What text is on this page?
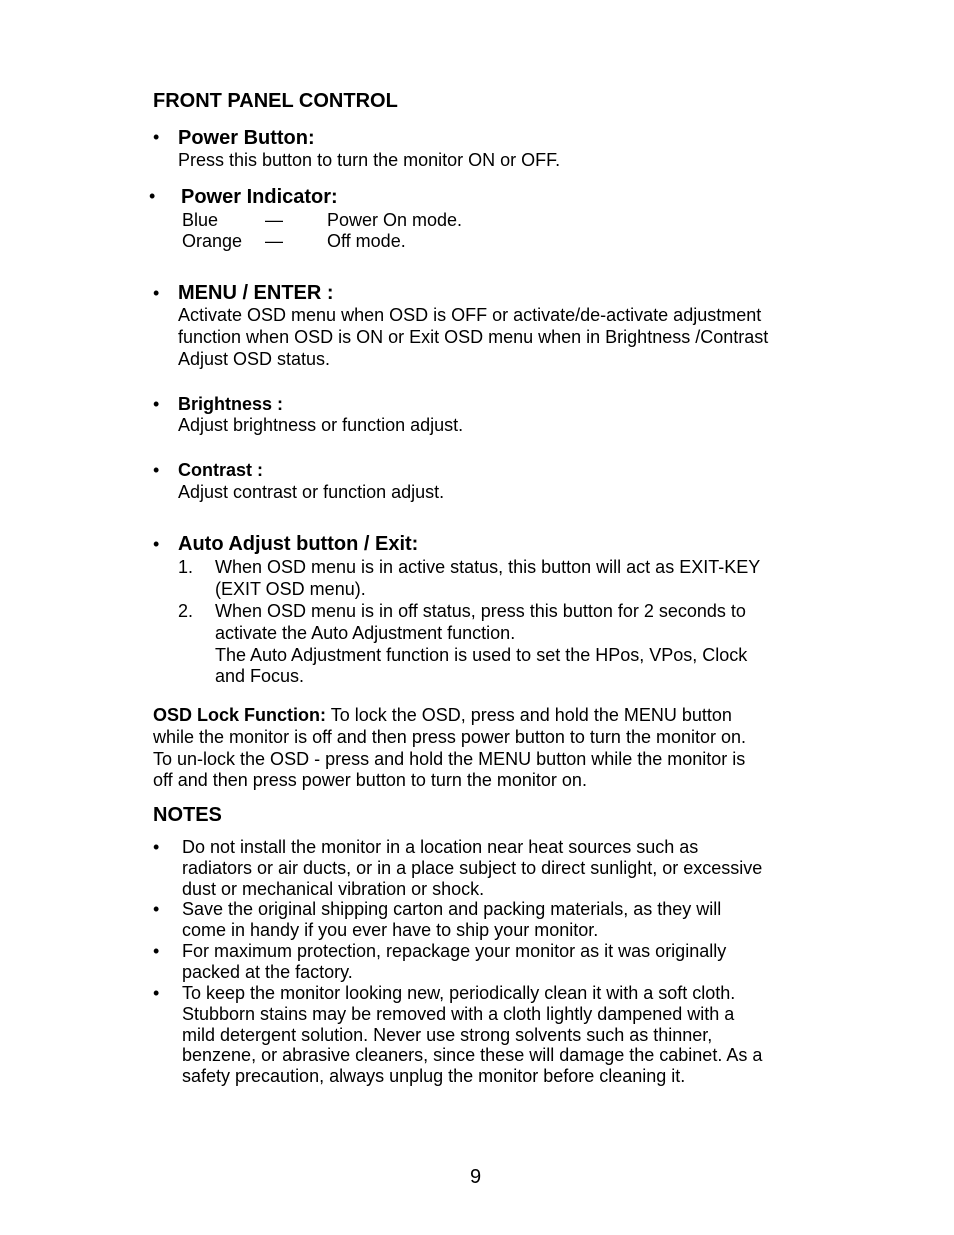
FRONT PANEL CONTROL
• Power Button:
Press this button to turn the monitor ON or OFF.
• Power Indicator:
Blue	— Power On mode.
Orange — Off mode.
• MENU / ENTER :
Activate OSD menu when OSD is OFF or activate/de-activate adjustment
function when OSD is ON or Exit OSD menu when in Brightness /Contrast
Adjust OSD status.
• Brightness :
Adjust brightness or function adjust.
• Contrast :
Adjust contrast or function adjust.
• Auto Adjust button / Exit:
1. When OSD menu is in active status, this button will act as EXIT-KEY
(EXIT OSD menu).
2. When OSD menu is in off status, press this button for 2 seconds to
activate the Auto Adjustment function.
The Auto Adjustment function is used to set the HPos, VPos, Clock
and Focus.
OSD Lock Function: To lock the OSD, press and hold the MENU button
while the monitor is off and then press power button to turn the monitor on.
To un-lock the OSD - press and hold the MENU button while the monitor is
off and then press power button to turn the monitor on.
NOTES
• Do not install the monitor in a location near heat sources such as
radiators or air ducts, or in a place subject to direct sunlight, or excessive
dust or mechanical vibration or shock.
• Save the original shipping carton and packing materials, as they will
come in handy if you ever have to ship your monitor.
• For maximum protection, repackage your monitor as it was originally
packed at the factory.
• To keep the monitor looking new, periodically clean it with a soft cloth.
Stubborn stains may be removed with a cloth lightly dampened with a
mild detergent solution. Never use strong solvents such as thinner,
benzene, or abrasive cleaners, since these will damage the cabinet. As a
safety precaution, always unplug the monitor before cleaning it.
9
